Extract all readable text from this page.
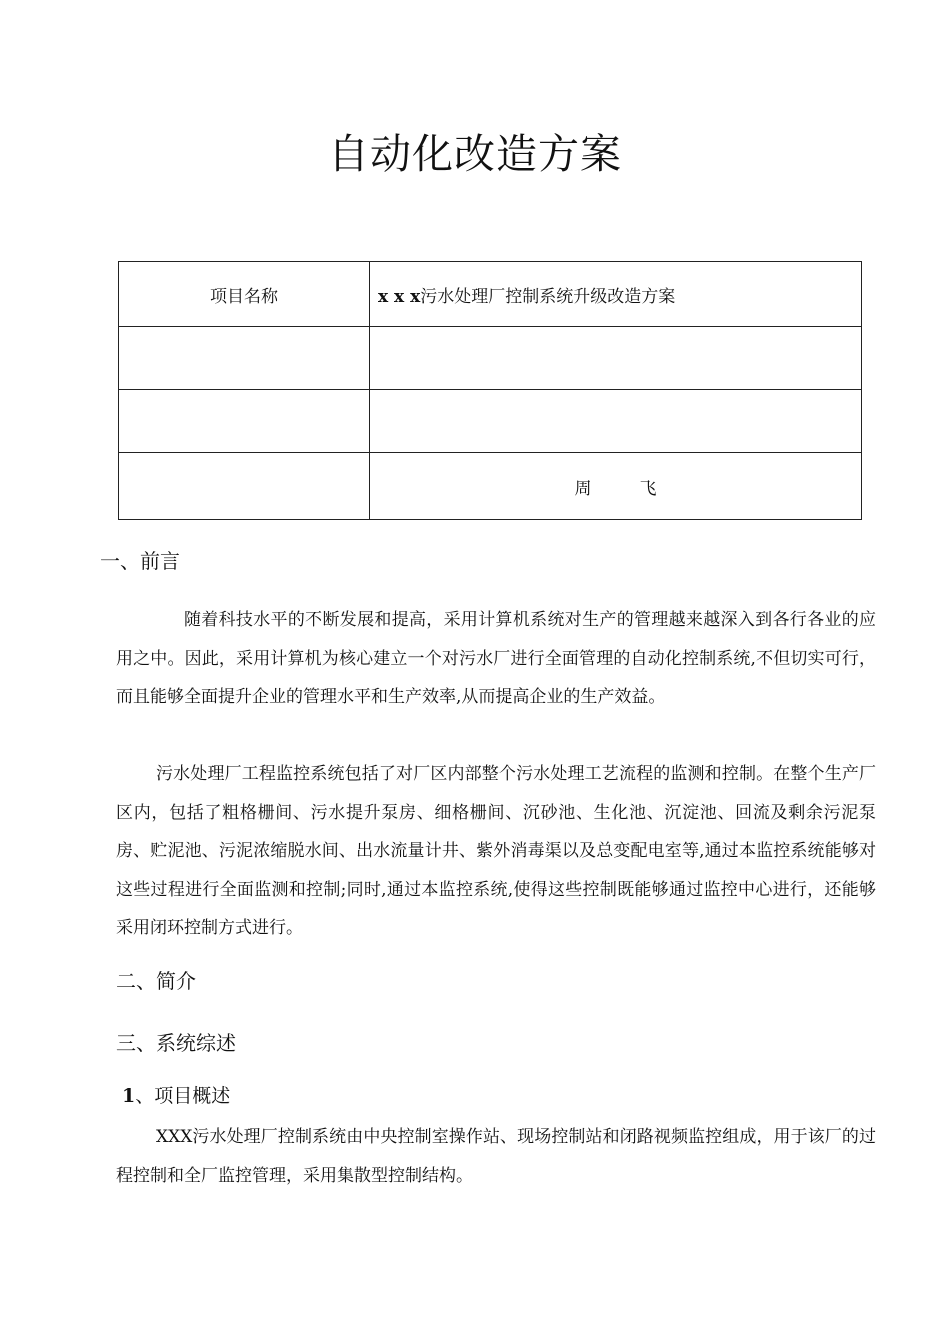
自动化改造方案
项目名称	x x x污水处理厂控制系统升级改造方案

	周 飞
一、前言
随着科技水平的不断发展和提高，采用计算机系统对生产的管理越来越深入到各行各业的应用之中。因此，采用计算机为核心建立一个对污水厂进行全面管理的自动化控制系统,不但切实可行，而且能够全面提升企业的管理水平和生产效率,从而提高企业的生产效益。
污水处理厂工程监控系统包括了对厂区内部整个污水处理工艺流程的监测和控制。在整个生产厂区内，包括了粗格栅间、污水提升泵房、细格栅间、沉砂池、生化池、沉淀池、回流及剩余污泥泵房、贮泥池、污泥浓缩脱水间、出水流量计井、紫外消毒渠以及总变配电室等,通过本监控系统能够对这些过程进行全面监测和控制;同时,通过本监控系统,使得这些控制既能够通过监控中心进行，还能够采用闭环控制方式进行。
二、简介
三、系统综述
1、项目概述
XXX污水处理厂控制系统由中央控制室操作站、现场控制站和闭路视频监控组成，用于该厂的过程控制和全厂监控管理，采用集散型控制结构。
